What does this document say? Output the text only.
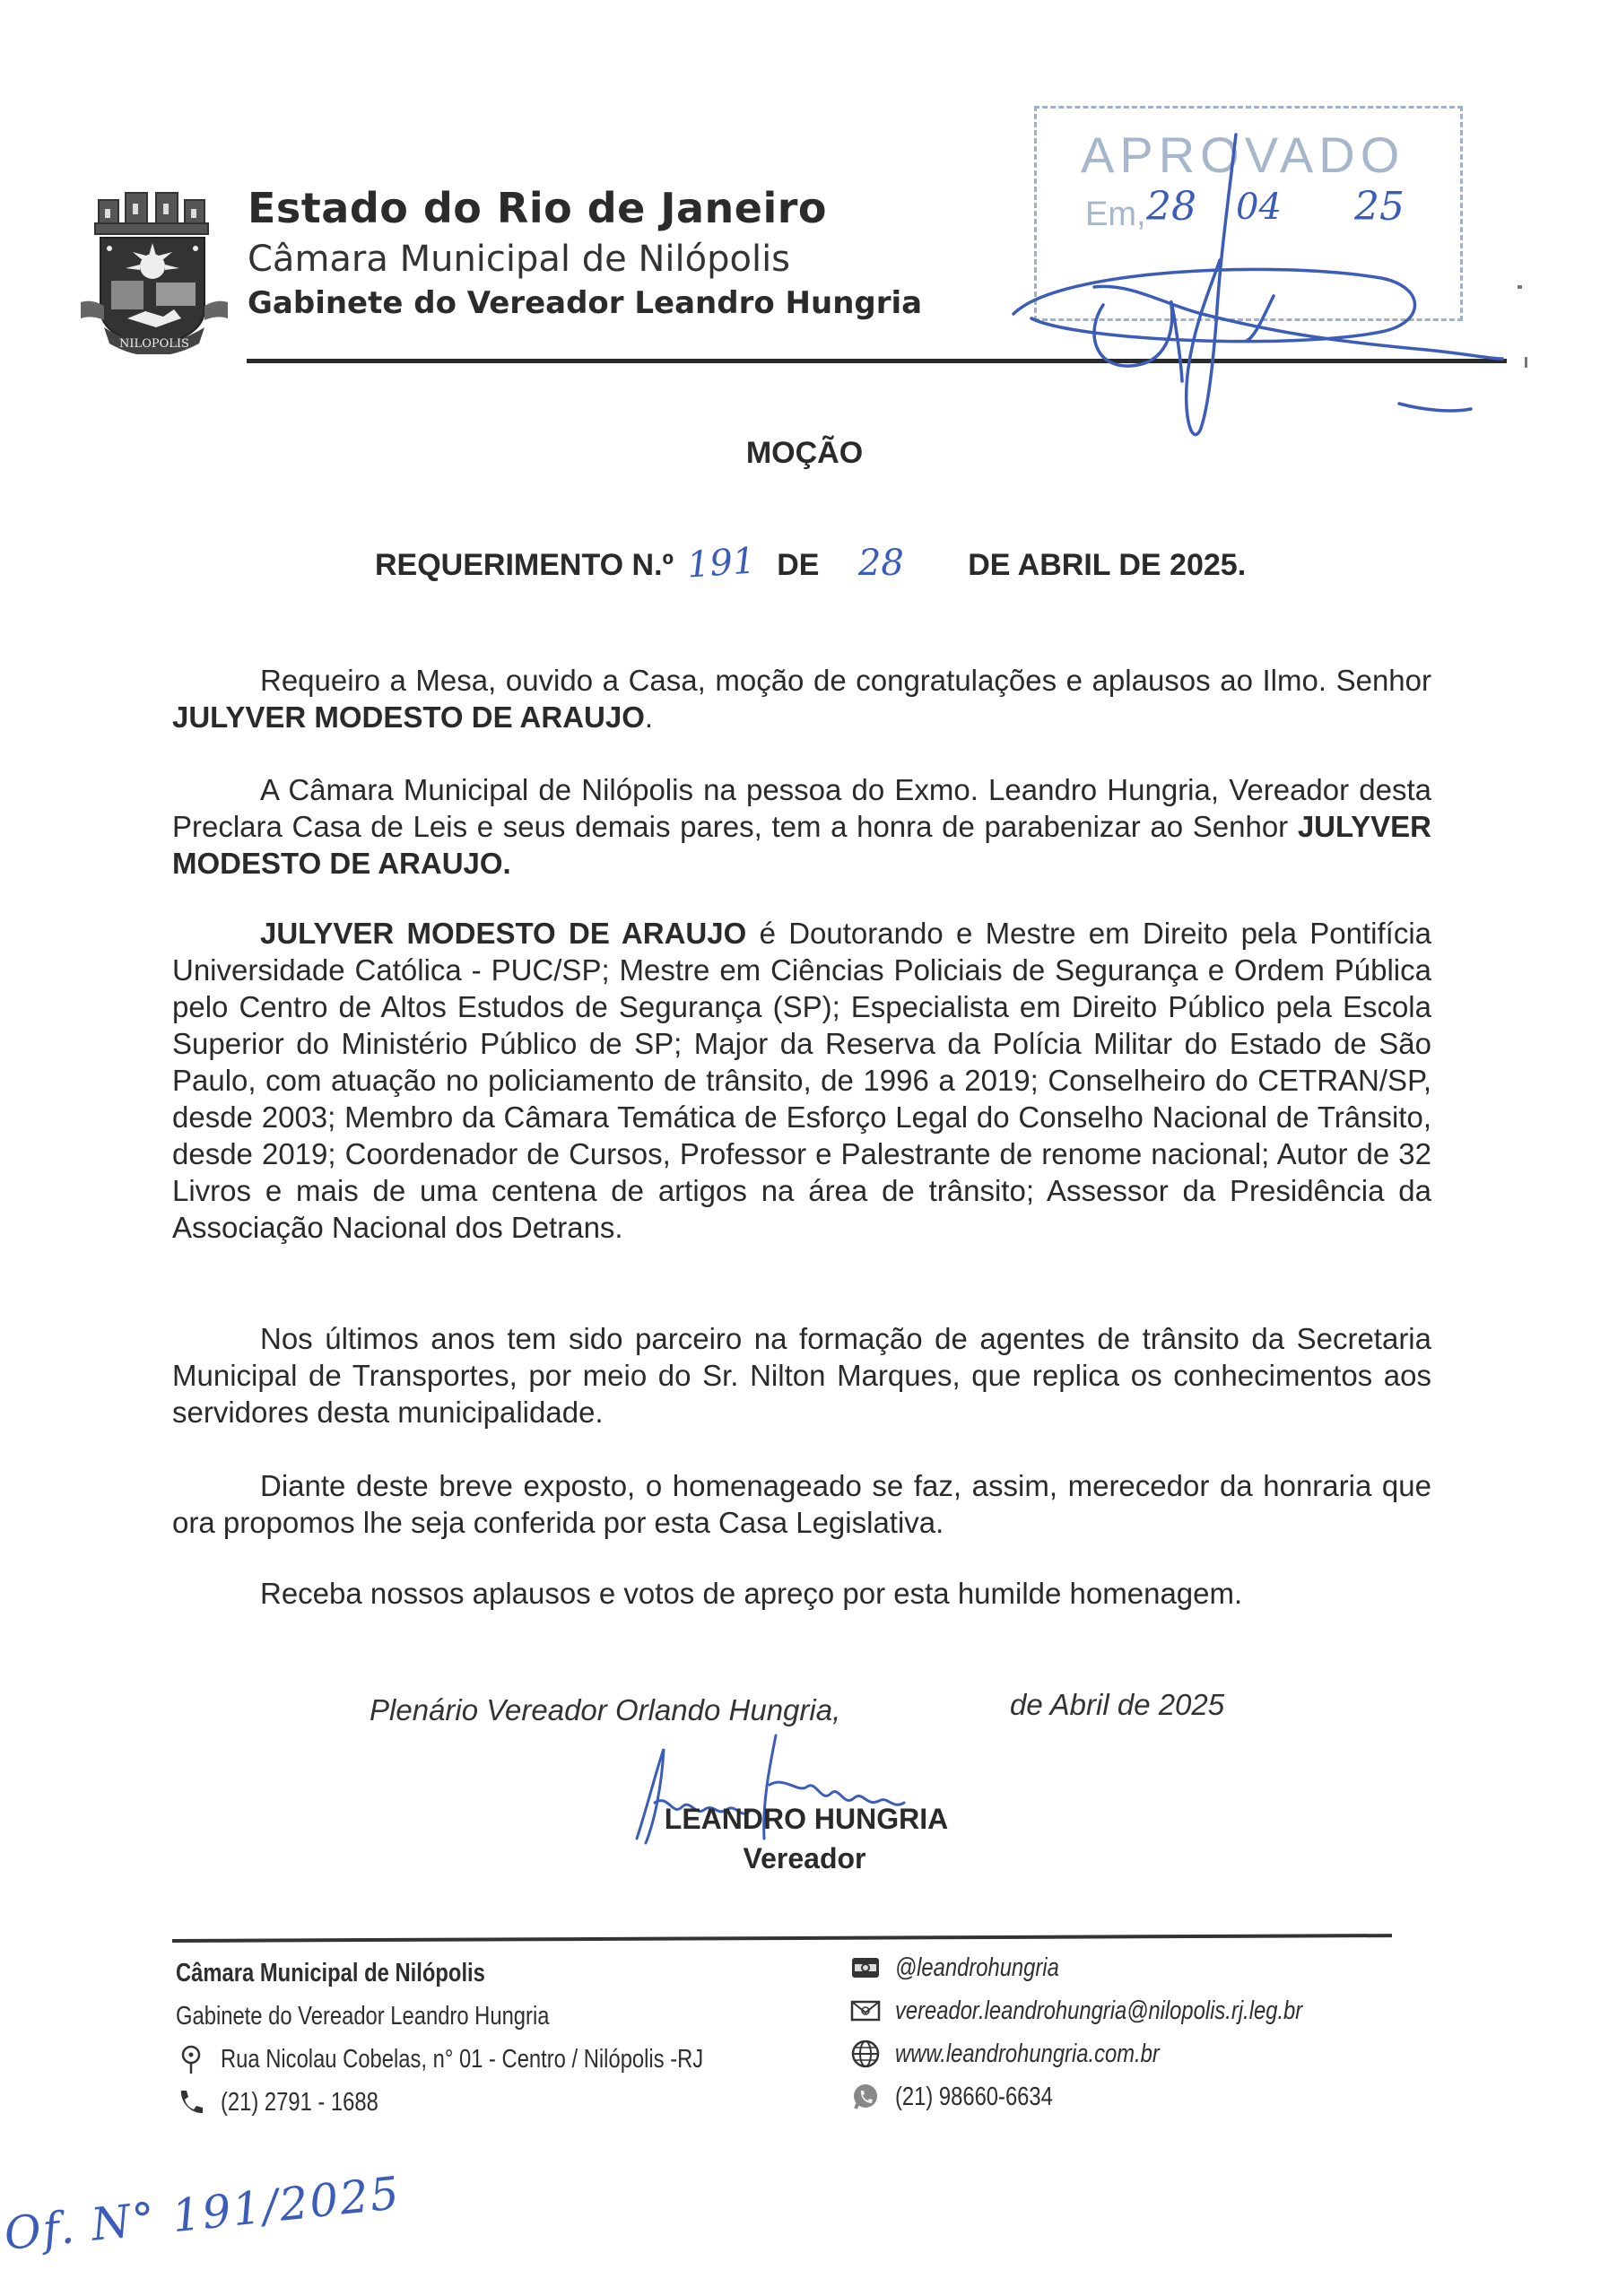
NILOPOLIS
Estado do Rio de Janeiro
Câmara Municipal de Nilópolis
Gabinete do Vereador Leandro Hungria
APROVADO
Em, 28 04 25
MOÇÃO
REQUERIMENTO N.º 191 DE 28 DE ABRIL DE 2025.
Requeiro a Mesa, ouvido a Casa, moção de congratulações e aplausos ao Ilmo. Senhor JULYVER MODESTO DE ARAUJO.
A Câmara Municipal de Nilópolis na pessoa do Exmo. Leandro Hungria, Vereador desta Preclara Casa de Leis e seus demais pares, tem a honra de parabenizar ao Senhor JULYVER MODESTO DE ARAUJO.
JULYVER MODESTO DE ARAUJO é Doutorando e Mestre em Direito pela Pontifícia Universidade Católica - PUC/SP; Mestre em Ciências Policiais de Segurança e Ordem Pública pelo Centro de Altos Estudos de Segurança (SP); Especialista em Direito Público pela Escola Superior do Ministério Público de SP; Major da Reserva da Polícia Militar do Estado de São Paulo, com atuação no policiamento de trânsito, de 1996 a 2019; Conselheiro do CETRAN/SP, desde 2003; Membro da Câmara Temática de Esforço Legal do Conselho Nacional de Trânsito, desde 2019; Coordenador de Cursos, Professor e Palestrante de renome nacional; Autor de 32 Livros e mais de uma centena de artigos na área de trânsito; Assessor da Presidência da Associação Nacional dos Detrans.
Nos últimos anos tem sido parceiro na formação de agentes de trânsito da Secretaria Municipal de Transportes, por meio do Sr. Nilton Marques, que replica os conhecimentos aos servidores desta municipalidade.
Diante deste breve exposto, o homenageado se faz, assim, merecedor da honraria que ora propomos lhe seja conferida por esta Casa Legislativa.
Receba nossos aplausos e votos de apreço por esta humilde homenagem.
Plenário Vereador Orlando Hungria,	de Abril de 2025
LEANDRO HUNGRIA
Vereador
Câmara Municipal de Nilópolis
Gabinete do Vereador Leandro Hungria
Rua Nicolau Cobelas, n° 01 - Centro / Nilópolis -RJ
(21) 2791 - 1688
@leandrohungria
vereador.leandrohungria@nilopolis.rj.leg.br
www.leandrohungria.com.br
(21) 98660-6634
Of. N° 191/2025
